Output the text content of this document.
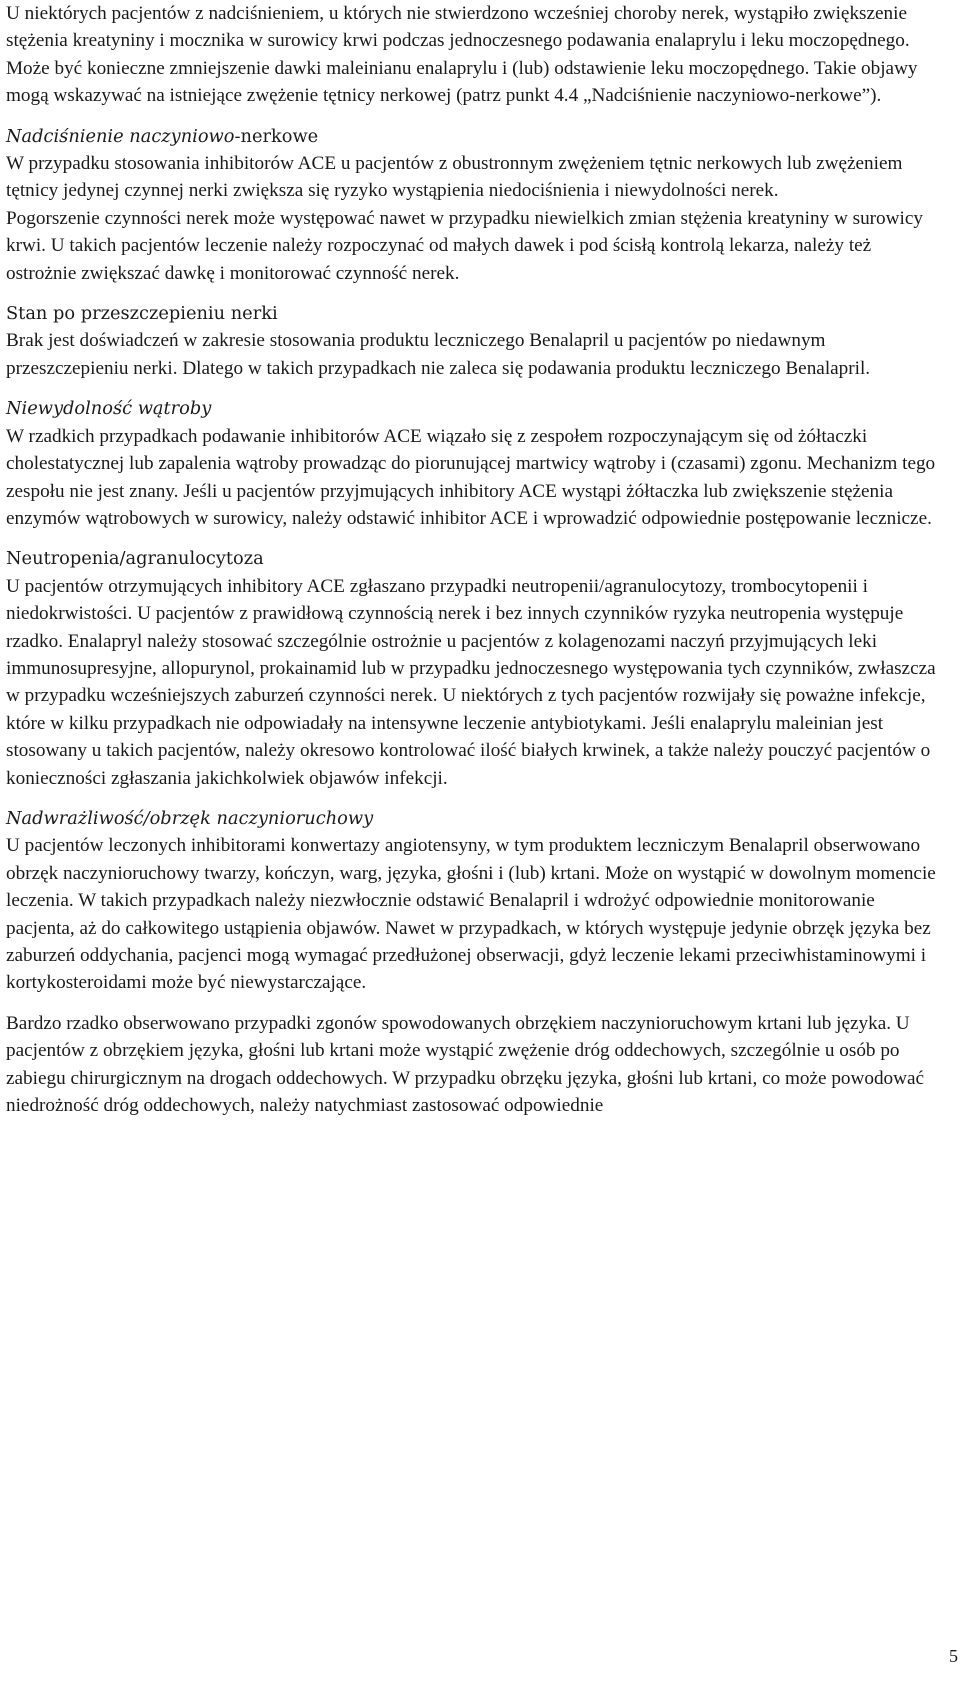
U niektórych pacjentów z nadciśnieniem, u których nie stwierdzono wcześniej choroby nerek, wystąpiło zwiększenie stężenia kreatyniny i mocznika w surowicy krwi podczas jednoczesnego podawania enalaprylu i leku moczopędnego. Może być konieczne zmniejszenie dawki maleinianu enalaprylu i (lub) odstawienie leku moczopędnego. Takie objawy mogą wskazywać na istniejące zwężenie tętnicy nerkowej (patrz punkt 4.4 „Nadciśnienie naczyniowo-nerkowe”).

Nadciśnienie naczyniowo-nerkowe

W przypadku stosowania inhibitorów ACE u pacjentów z obustronnym zwężeniem tętnic nerkowych lub zwężeniem tętnicy jedynej czynnej nerki zwiększa się ryzyko wystąpienia niedociśnienia i niewydolności nerek.

Pogorszenie czynności nerek może występować nawet w przypadku niewielkich zmian stężenia kreatyniny w surowicy krwi. U takich pacjentów leczenie należy rozpoczynać od małych dawek i pod ścisłą kontrolą lekarza, należy też ostrożnie zwiększać dawkę i monitorować czynność nerek.

Stan po przeszczepieniu nerki

Brak jest doświadczeń w zakresie stosowania produktu leczniczego Benalapril u pacjentów po niedawnym przeszczepieniu nerki. Dlatego w takich przypadkach nie zaleca się podawania produktu leczniczego Benalapril.

Niewydolność wątroby

W rzadkich przypadkach podawanie inhibitorów ACE wiązało się z zespołem rozpoczynającym się od żółtaczki cholestatycznej lub zapalenia wątroby prowadząc do piorunującej martwicy wątroby i (czasami) zgonu. Mechanizm tego zespołu nie jest znany. Jeśli u pacjentów przyjmujących inhibitory ACE wystąpi żółtaczka lub zwiększenie stężenia enzymów wątrobowych w surowicy, należy odstawić inhibitor ACE i wprowadzić odpowiednie postępowanie lecznicze.

Neutropenia/agranulocytoza

U pacjentów otrzymujących inhibitory ACE zgłaszano przypadki neutropenii/agranulocytozy, trombocytopenii i niedokrwistości. U pacjentów z prawidłową czynnością nerek i bez innych czynników ryzyka neutropenia występuje rzadko. Enalapryl należy stosować szczególnie ostrożnie u pacjentów z kolagenozami naczyń przyjmujących leki immunosupresyjne, allopurynol, prokainamid lub w przypadku jednoczesnego występowania tych czynników, zwłaszcza w przypadku wcześniejszych zaburzeń czynności nerek. U niektórych z tych pacjentów rozwijały się poważne infekcje, które w kilku przypadkach nie odpowiadały na intensywne leczenie antybiotykami. Jeśli enalaprylu maleinian jest stosowany u takich pacjentów, należy okresowo kontrolować ilość białych krwinek, a także należy pouczyć pacjentów o konieczności zgłaszania jakichkolwiek objawów infekcji.

Nadwrażliwość/obrzęk naczynioruchowy

U pacjentów leczonych inhibitorami konwertazy angiotensyny, w tym produktem leczniczym Benalapril obserwowano obrzęk naczynioruchowy twarzy, kończyn, warg, języka, głośni i (lub) krtani. Może on wystąpić w dowolnym momencie leczenia. W takich przypadkach należy niezwłocznie odstawić Benalapril i wdrożyć odpowiednie monitorowanie pacjenta, aż do całkowitego ustąpienia objawów. Nawet w przypadkach, w których występuje jedynie obrzęk języka bez zaburzeń oddychania, pacjenci mogą wymagać przedłużonej obserwacji, gdyż leczenie lekami przeciwhistaminowymi i kortykosteroidami może być niewystarczające.

Bardzo rzadko obserwowano przypadki zgonów spowodowanych obrzękiem naczynioruchowym krtani lub języka. U pacjentów z obrzękiem języka, głośni lub krtani może wystąpić zwężenie dróg oddechowych, szczególnie u osób po zabiegu chirurgicznym na drogach oddechowych. W przypadku obrzęku języka, głośni lub krtani, co może powodować niedrożność dróg oddechowych, należy natychmiast zastosować odpowiednie

5
